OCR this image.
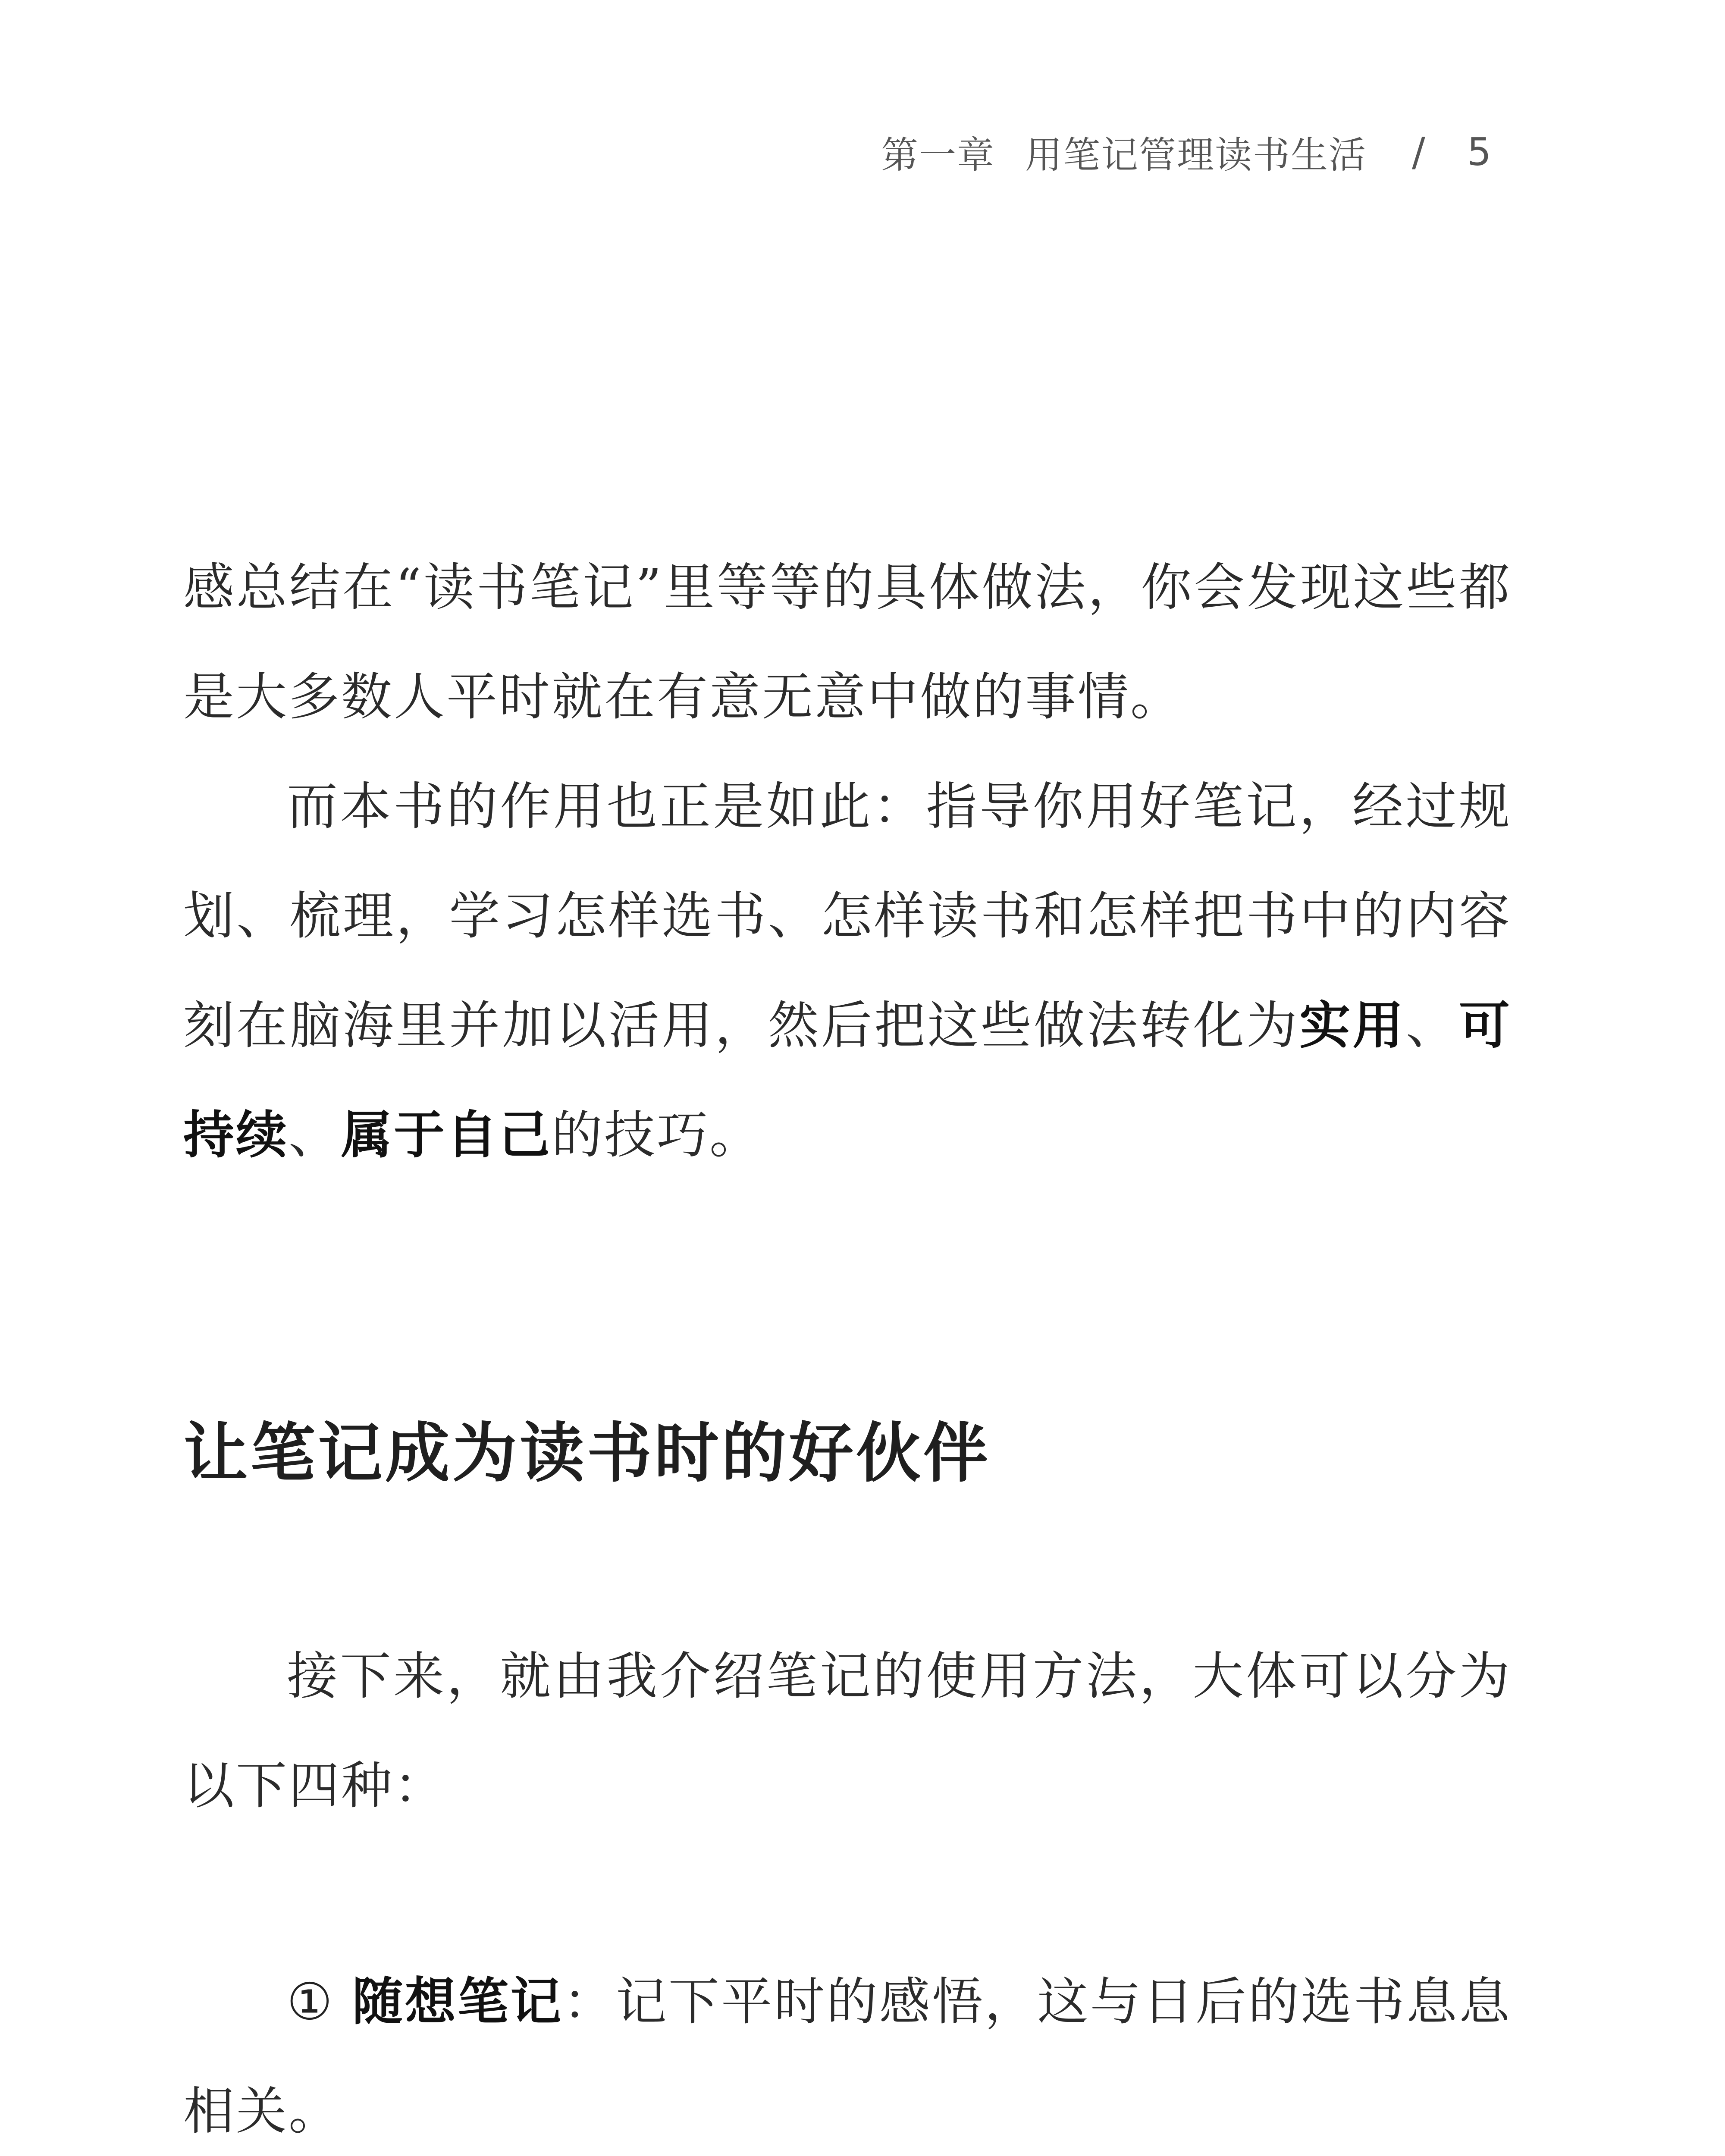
第一章 用笔记管理读书生活 / 5

感总结在“读书笔记”里等等的具体做法，你会发现这些都是大多数人平时就在有意无意中做的事情。

而本书的作用也正是如此：指导你用好笔记，经过规划、梳理，学习怎样选书、怎样读书和怎样把书中的内容刻在脑海里并加以活用，然后把这些做法转化为实用、可持续、属于自己的技巧。

让笔记成为读书时的好伙伴

接下来，就由我介绍笔记的使用方法，大体可以分为以下四种：

① 随想笔记：记下平时的感悟，这与日后的选书息息相关。
